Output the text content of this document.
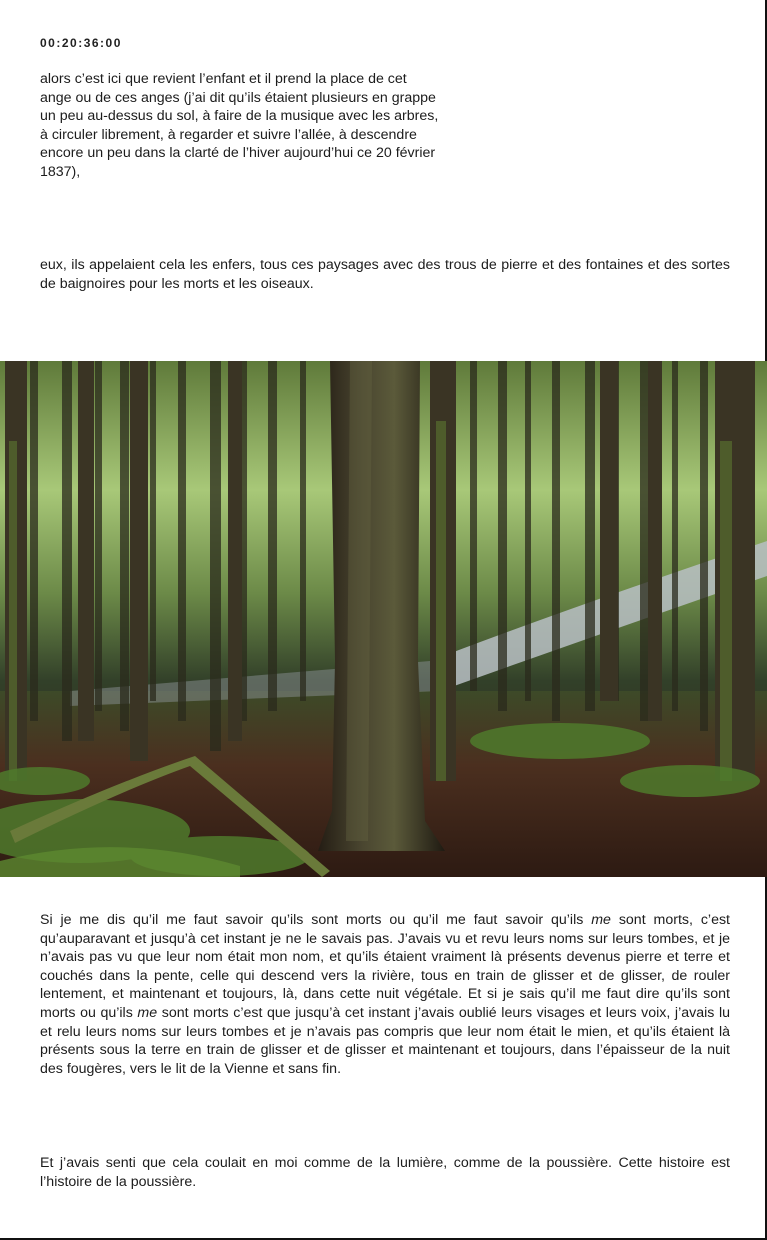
00:20:36:00

alors c’est ici que revient l’enfant et il prend la place de cet ange ou de ces anges (j’ai dit qu’ils étaient plusieurs en grappe un peu au-dessus du sol, à faire de la musique avec les arbres, à circuler librement, à regarder et suivre l’allée, à descendre encore un peu dans la clarté de l’hiver aujourd’hui ce 20 février 1837),

eux, ils appelaient cela les enfers, tous ces paysages avec des trous de pierre et des fontaines et des sortes de baignoires pour les morts et les oiseaux.

Si je me dis qu’il me faut savoir qu’ils sont morts ou qu’il me faut savoir qu’ils me sont morts, c’est qu’auparavant et jusqu’à cet instant je ne le savais pas. J’avais vu et revu leurs noms sur leurs tombes, et je n’avais pas vu que leur nom était mon nom, et qu’ils étaient vraiment là présents devenus pierre et terre et couchés dans la pente, celle qui descend vers la rivière, tous en train de glisser et de glisser, de rouler lentement, et maintenant et toujours, là, dans cette nuit végétale. Et si je sais qu’il me faut dire qu’ils sont morts ou qu’ils me sont morts c’est que jusqu’à cet instant j’avais oublié leurs visages et leurs voix, j’avais lu et relu leurs noms sur leurs tombes et je n’avais pas compris que leur nom était le mien, et qu’ils étaient là présents sous la terre en train de glisser et de glisser et maintenant et toujours, dans l’épaisseur de la nuit des fougères, vers le lit de la Vienne et sans fin.

Et j’avais senti que cela coulait en moi comme de la lumière, comme de la poussière. Cette histoire est l’histoire de la poussière.
